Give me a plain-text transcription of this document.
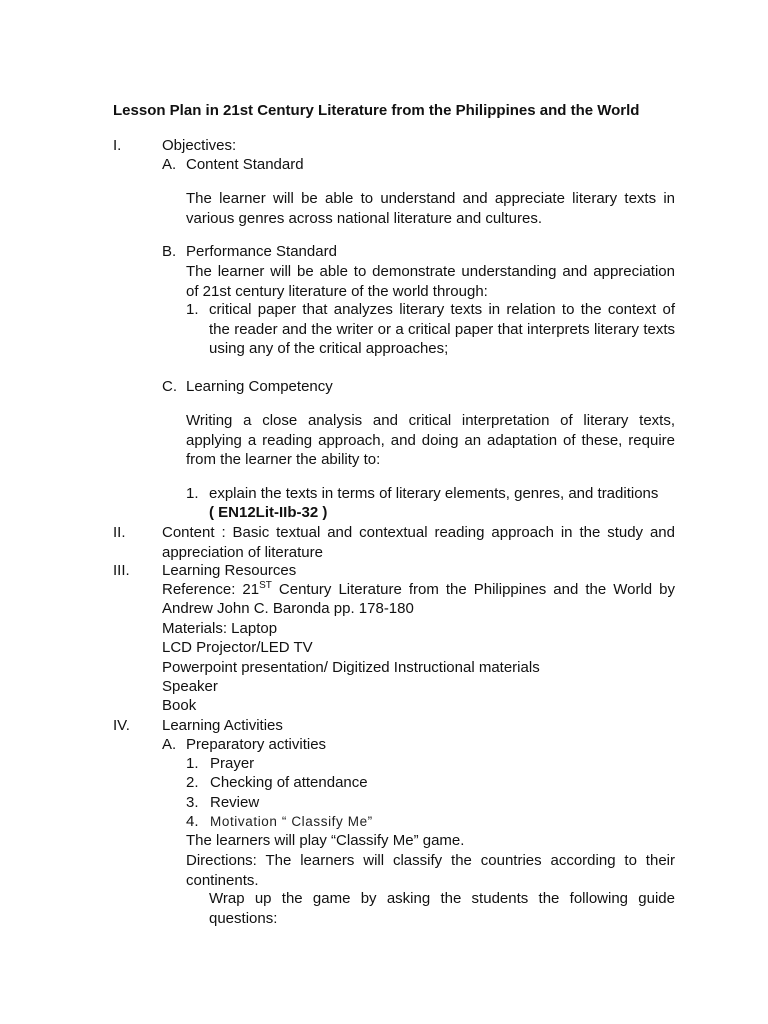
Lesson Plan in 21st Century Literature from the Philippines and the World
I.	Objectives:
A. Content Standard
The learner will be able to understand and appreciate literary texts in various genres across national literature and cultures.
B. Performance Standard
The learner will be able to demonstrate understanding and appreciation of 21st century literature of the world through:
1. critical paper that analyzes literary texts in relation to the context of the reader and the writer or a critical paper that interprets literary texts using any of the critical approaches;
C. Learning Competency
Writing a close analysis and critical interpretation of literary texts, applying a reading approach, and doing an adaptation of these, require from the learner the ability to:
1. explain the texts in terms of literary elements, genres, and traditions
( EN12Lit-IIb-32 )
II. Content : Basic textual and contextual reading approach in the study and appreciation of literature
III. Learning Resources
Reference: 21ST Century Literature from the Philippines and the World by
Andrew John C. Baronda pp. 178-180
Materials: Laptop
LCD Projector/LED TV
Powerpoint presentation/ Digitized Instructional materials
Speaker
Book
IV. Learning Activities
A. Preparatory activities
1. Prayer
2. Checking of attendance
3. Review
4. Motivation “ Classify Me”
The learners will play “Classify Me” game.
Directions: The learners will classify the countries according to their continents.
Wrap up the game by asking the students the following guide questions:
